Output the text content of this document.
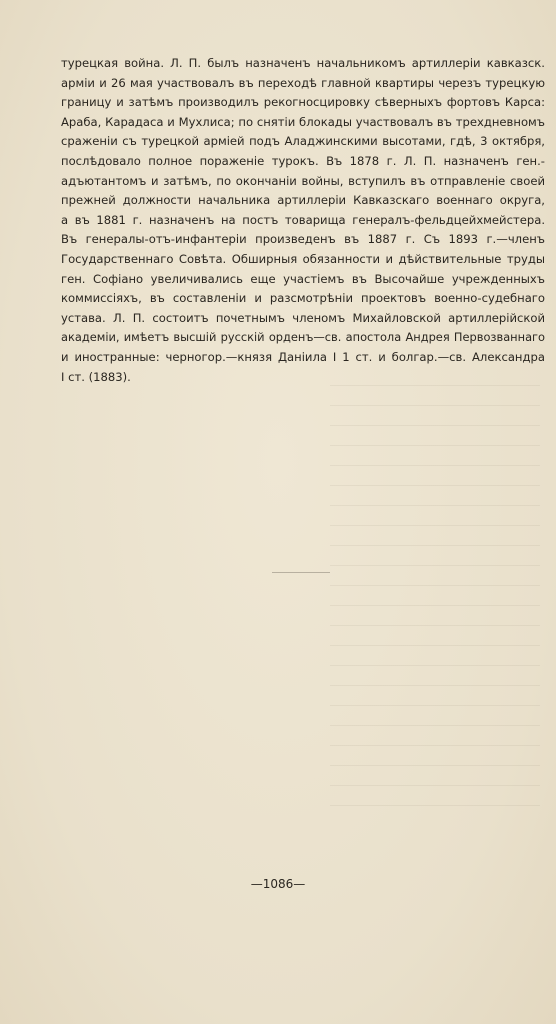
турецкая война. Л. П. былъ назначенъ начальникомъ артиллеріи кавказск.
арміи и 26 мая участвовалъ въ переходѣ главной квартиры черезъ турецкую
границу и затѣмъ производилъ рекогносцировку сѣверныхъ фортовъ Карса:
Араба, Карадаса и Мухлиса; по снятіи блокады участвовалъ въ трехдневномъ
сраженіи съ турецкой арміей подъ Аладжинскими высотами, гдѣ, 3 октября,
послѣдовало полное пораженіе турокъ. Въ 1878 г. Л. П. назначенъ ген.-
адъютантомъ и затѣмъ, по окончаніи войны, вступилъ въ отправленіе своей
прежней должности начальника артиллеріи Кавказскаго военнаго округа,
а въ 1881 г. назначенъ на постъ товарища генералъ-фельдцейхмейстера.
Въ генералы-отъ-инфантеріи произведенъ въ 1887 г. Съ 1893 г.—членъ
Государственнаго Совѣта. Обширныя обязанности и дѣйствительные труды
ген. Софіано увеличивались еще участіемъ въ Высочайше учрежденныхъ
коммиссіяхъ, въ составленіи и разсмотрѣніи проектовъ военно-судебнаго
устава. Л. П. состоитъ почетнымъ членомъ Михайловской артиллерійской
академіи, имѣетъ высшій русскій орденъ—св. апостола Андрея Первозваннаго
и иностранные: черногор.—князя Даніила I 1 ст. и болгар.—св. Александра
I ст. (1883).
—1086—
